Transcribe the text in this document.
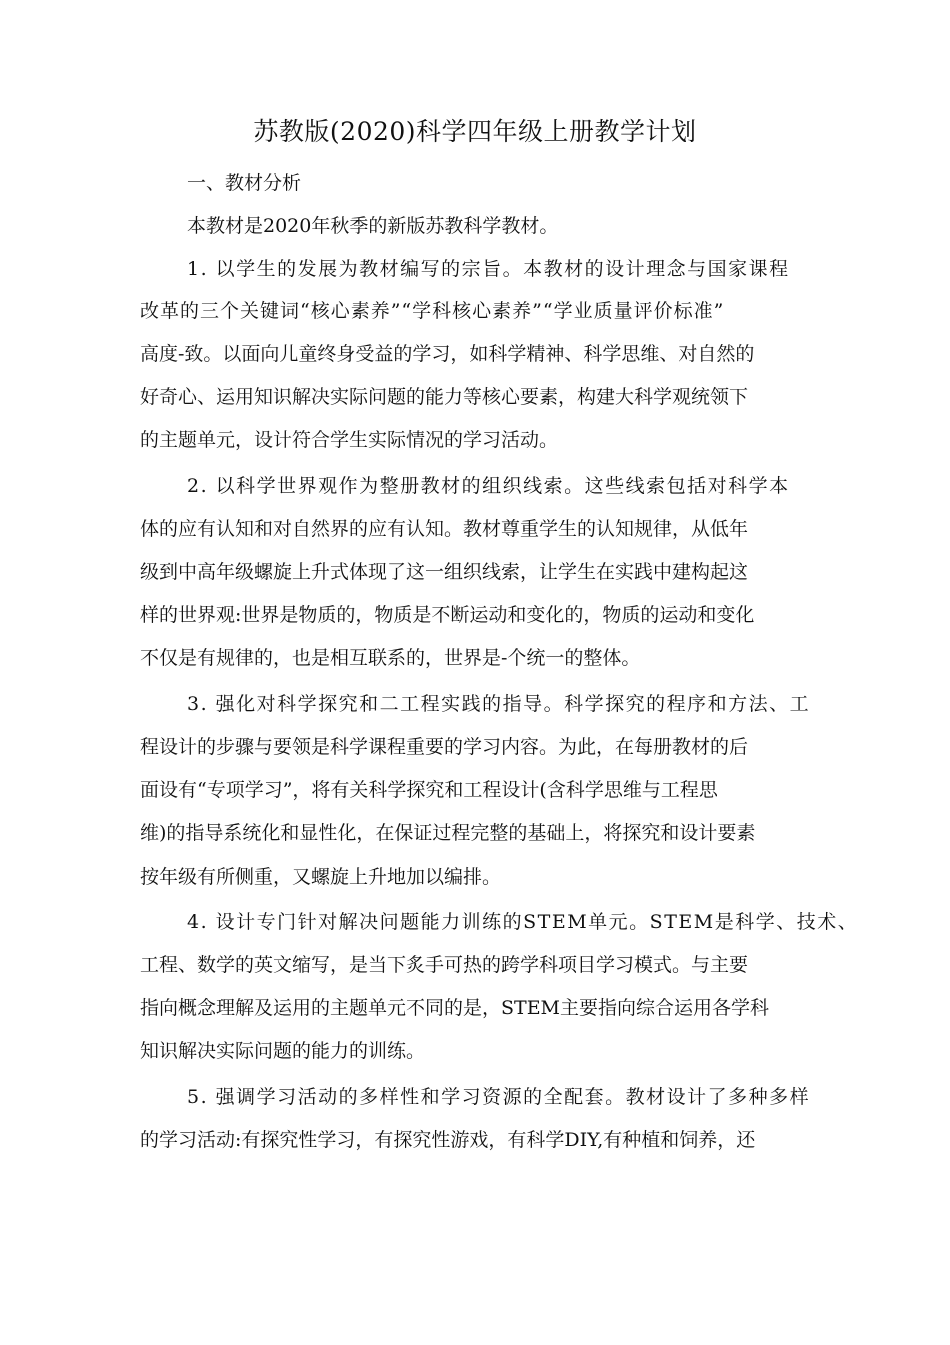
苏教版(2020)科学四年级上册教学计划

一、教材分析

本教材是2020年秋季的新版苏教科学教材。

1. 以学生的发展为教材编写的宗旨。本教材的设计理念与国家课程

改革的三个关键词“核心素养”“学科核心素养”“学业质量评价标准”

高度-致。以面向儿童终身受益的学习，如科学精神、科学思维、对自然的

好奇心、运用知识解决实际问题的能力等核心要素，构建大科学观统领下

的主题单元，设计符合学生实际情况的学习活动。

2. 以科学世界观作为整册教材的组织线索。这些线索包括对科学本

体的应有认知和对自然界的应有认知。教材尊重学生的认知规律，从低年

级到中高年级螺旋上升式体现了这一组织线索，让学生在实践中建构起这

样的世界观:世界是物质的，物质是不断运动和变化的，物质的运动和变化

不仅是有规律的，也是相互联系的，世界是-个统一的整体。

3. 强化对科学探究和二工程实践的指导。科学探究的程序和方法、工

程设计的步骤与要领是科学课程重要的学习内容。为此，在每册教材的后

面设有“专项学习”，将有关科学探究和工程设计(含科学思维与工程思

维)的指导系统化和显性化，在保证过程完整的基础上，将探究和设计要素

按年级有所侧重，又螺旋上升地加以编排。

4. 设计专门针对解决问题能力训练的STEM单元。STEM是科学、技术、

工程、数学的英文缩写，是当下炙手可热的跨学科项目学习模式。与主要

指向概念理解及运用的主题单元不同的是，STEM主要指向综合运用各学科

知识解决实际问题的能力的训练。

5. 强调学习活动的多样性和学习资源的全配套。教材设计了多种多样

的学习活动:有探究性学习，有探究性游戏，有科学DIY,有种植和饲养，还
